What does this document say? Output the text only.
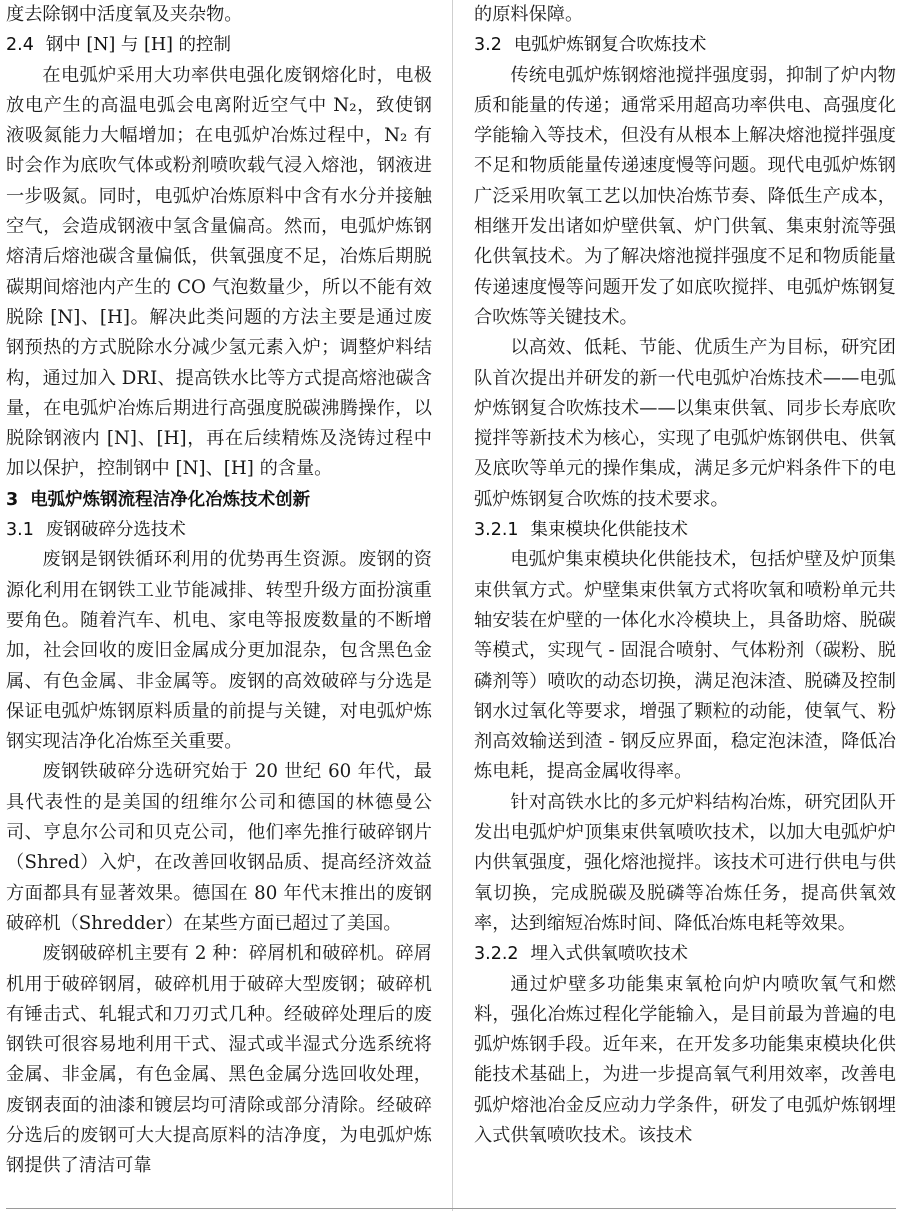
度去除钢中活度氧及夹杂物。

2.4 钢中 [N] 与 [H] 的控制

在电弧炉采用大功率供电强化废钢熔化时，电极放电产生的高温电弧会电离附近空气中 N₂，致使钢液吸氮能力大幅增加；在电弧炉冶炼过程中，N₂ 有时会作为底吹气体或粉剂喷吹载气浸入熔池，钢液进一步吸氮。同时，电弧炉冶炼原料中含有水分并接触空气，会造成钢液中氢含量偏高。然而，电弧炉炼钢熔清后熔池碳含量偏低，供氧强度不足，冶炼后期脱碳期间熔池内产生的 CO 气泡数量少，所以不能有效脱除 [N]、[H]。解决此类问题的方法主要是通过废钢预热的方式脱除水分减少氢元素入炉；调整炉料结构，通过加入 DRI、提高铁水比等方式提高熔池碳含量，在电弧炉冶炼后期进行高强度脱碳沸腾操作，以脱除钢液内 [N]、[H]，再在后续精炼及浇铸过程中加以保护，控制钢中 [N]、[H] 的含量。

3 电弧炉炼钢流程洁净化冶炼技术创新
3.1 废钢破碎分选技术

废钢是钢铁循环利用的优势再生资源。废钢的资源化利用在钢铁工业节能减排、转型升级方面扮演重要角色。随着汽车、机电、家电等报废数量的不断增加，社会回收的废旧金属成分更加混杂，包含黑色金属、有色金属、非金属等。废钢的高效破碎与分选是保证电弧炉炼钢原料质量的前提与关键，对电弧炉炼钢实现洁净化冶炼至关重要。

废钢铁破碎分选研究始于 20 世纪 60 年代，最具代表性的是美国的纽维尔公司和德国的林德曼公司、亨息尔公司和贝克公司，他们率先推行破碎钢片（Shred）入炉，在改善回收钢品质、提高经济效益方面都具有显著效果。德国在 80 年代末推出的废钢破碎机（Shredder）在某些方面已超过了美国。

废钢破碎机主要有 2 种：碎屑机和破碎机。碎屑机用于破碎钢屑，破碎机用于破碎大型废钢；破碎机有锤击式、轧辊式和刀刃式几种。经破碎处理后的废钢铁可很容易地利用干式、湿式或半湿式分选系统将金属、非金属，有色金属、黑色金属分选回收处理，废钢表面的油漆和镀层均可清除或部分清除。经破碎分选后的废钢可大大提高原料的洁净度，为电弧炉炼钢提供了清洁可靠

的原料保障。

3.2 电弧炉炼钢复合吹炼技术

传统电弧炉炼钢熔池搅拌强度弱，抑制了炉内物质和能量的传递；通常采用超高功率供电、高强度化学能输入等技术，但没有从根本上解决熔池搅拌强度不足和物质能量传递速度慢等问题。现代电弧炉炼钢广泛采用吹氧工艺以加快冶炼节奏、降低生产成本，相继开发出诸如炉壁供氧、炉门供氧、集束射流等强化供氧技术。为了解决熔池搅拌强度不足和物质能量传递速度慢等问题开发了如底吹搅拌、电弧炉炼钢复合吹炼等关键技术。

以高效、低耗、节能、优质生产为目标，研究团队首次提出并研发的新一代电弧炉冶炼技术——电弧炉炼钢复合吹炼技术——以集束供氧、同步长寿底吹搅拌等新技术为核心，实现了电弧炉炼钢供电、供氧及底吹等单元的操作集成，满足多元炉料条件下的电弧炉炼钢复合吹炼的技术要求。

3.2.1 集束模块化供能技术

电弧炉集束模块化供能技术，包括炉壁及炉顶集束供氧方式。炉壁集束供氧方式将吹氧和喷粉单元共轴安装在炉壁的一体化水冷模块上，具备助熔、脱碳等模式，实现气 - 固混合喷射、气体粉剂（碳粉、脱磷剂等）喷吹的动态切换，满足泡沫渣、脱磷及控制钢水过氧化等要求，增强了颗粒的动能，使氧气、粉剂高效输送到渣 - 钢反应界面，稳定泡沫渣，降低冶炼电耗，提高金属收得率。

针对高铁水比的多元炉料结构冶炼，研究团队开发出电弧炉炉顶集束供氧喷吹技术，以加大电弧炉炉内供氧强度，强化熔池搅拌。该技术可进行供电与供氧切换，完成脱碳及脱磷等冶炼任务，提高供氧效率，达到缩短冶炼时间、降低冶炼电耗等效果。

3.2.2 埋入式供氧喷吹技术

通过炉壁多功能集束氧枪向炉内喷吹氧气和燃料，强化冶炼过程化学能输入，是目前最为普遍的电弧炉炼钢手段。近年来，在开发多功能集束模块化供能技术基础上，为进一步提高氧气利用效率，改善电弧炉熔池冶金反应动力学条件，研发了电弧炉炼钢埋入式供氧喷吹技术。该技术
